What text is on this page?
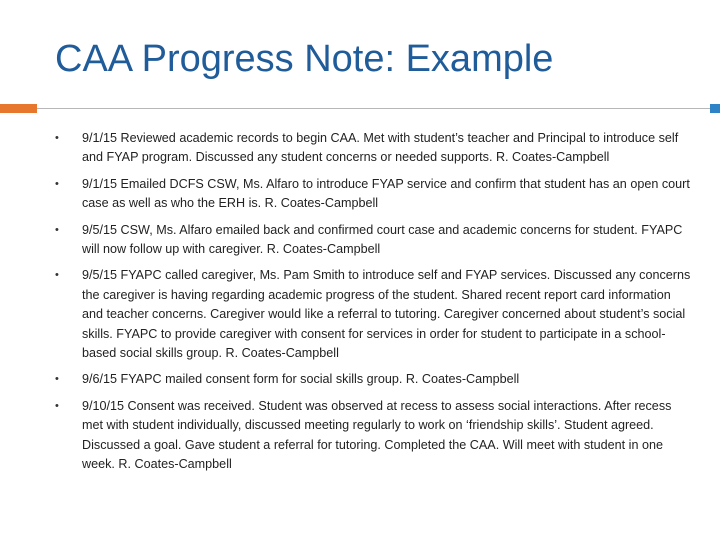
CAA Progress Note: Example
• 9/1/15 Reviewed academic records to begin CAA. Met with student’s teacher and Principal to introduce self and FYAP program. Discussed any student concerns or needed supports. R. Coates-Campbell
• 9/1/15 Emailed DCFS CSW, Ms. Alfaro to introduce FYAP service and confirm that student has an open court case as well as who the ERH is. R. Coates-Campbell
• 9/5/15 CSW, Ms. Alfaro emailed back and confirmed court case and academic concerns for student. FYAPC will now follow up with caregiver. R. Coates-Campbell
• 9/5/15 FYAPC called caregiver, Ms. Pam Smith to introduce self and FYAP services. Discussed any concerns the caregiver is having regarding academic progress of the student. Shared recent report card information and teacher concerns. Caregiver would like a referral to tutoring. Caregiver concerned about student’s social skills. FYAPC to provide caregiver with consent for services in order for student to participate in a school-based social skills group. R. Coates-Campbell
• 9/6/15 FYAPC mailed consent form for social skills group. R. Coates-Campbell
• 9/10/15 Consent was received. Student was observed at recess to assess social interactions. After recess met with student individually, discussed meeting regularly to work on ‘friendship skills’. Student agreed. Discussed a goal. Gave student a referral for tutoring. Completed the CAA. Will meet with student in one week. R. Coates-Campbell
